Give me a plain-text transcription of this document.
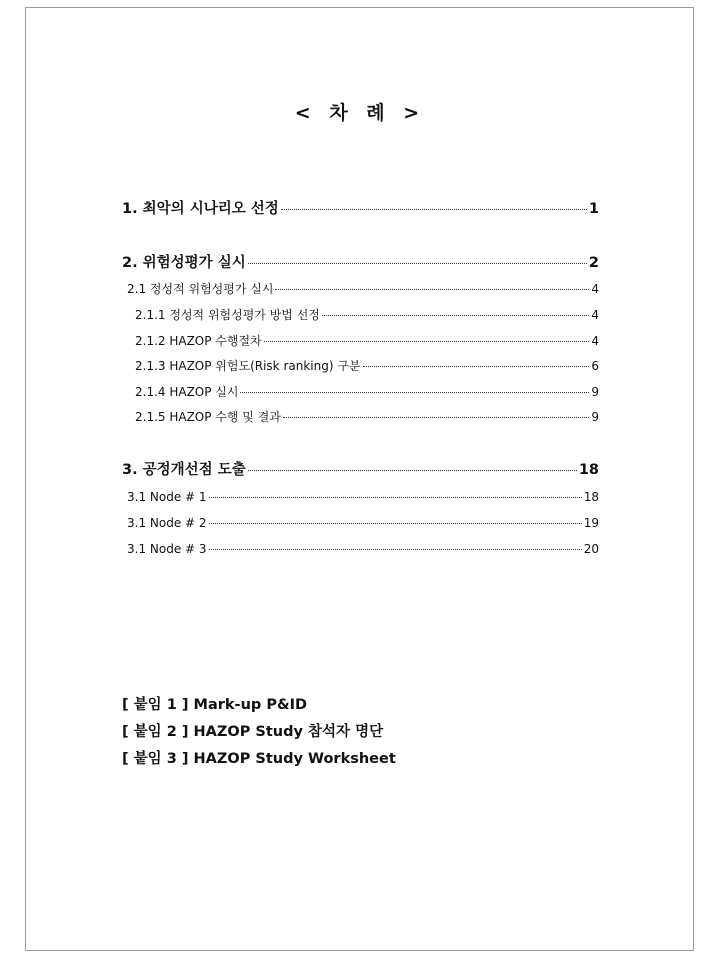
< 차 례 >
1. 최악의 시나리오 선정	1
2. 위험성평가 실시	2
2.1 정성적 위험성평가 실시	4
2.1.1 정성적 위험성평가 방법 선정	4
2.1.2 HAZOP 수행절차	4
2.1.3 HAZOP 위험도(Risk ranking) 구분	6
2.1.4 HAZOP 실시	9
2.1.5 HAZOP 수행 및 결과	9
3. 공정개선점 도출	18
3.1 Node # 1	18
3.1 Node # 2	19
3.1 Node # 3	20
[ 붙임 1 ] Mark-up P&ID
[ 붙임 2 ] HAZOP Study 참석자 명단
[ 붙임 3 ] HAZOP Study Worksheet
